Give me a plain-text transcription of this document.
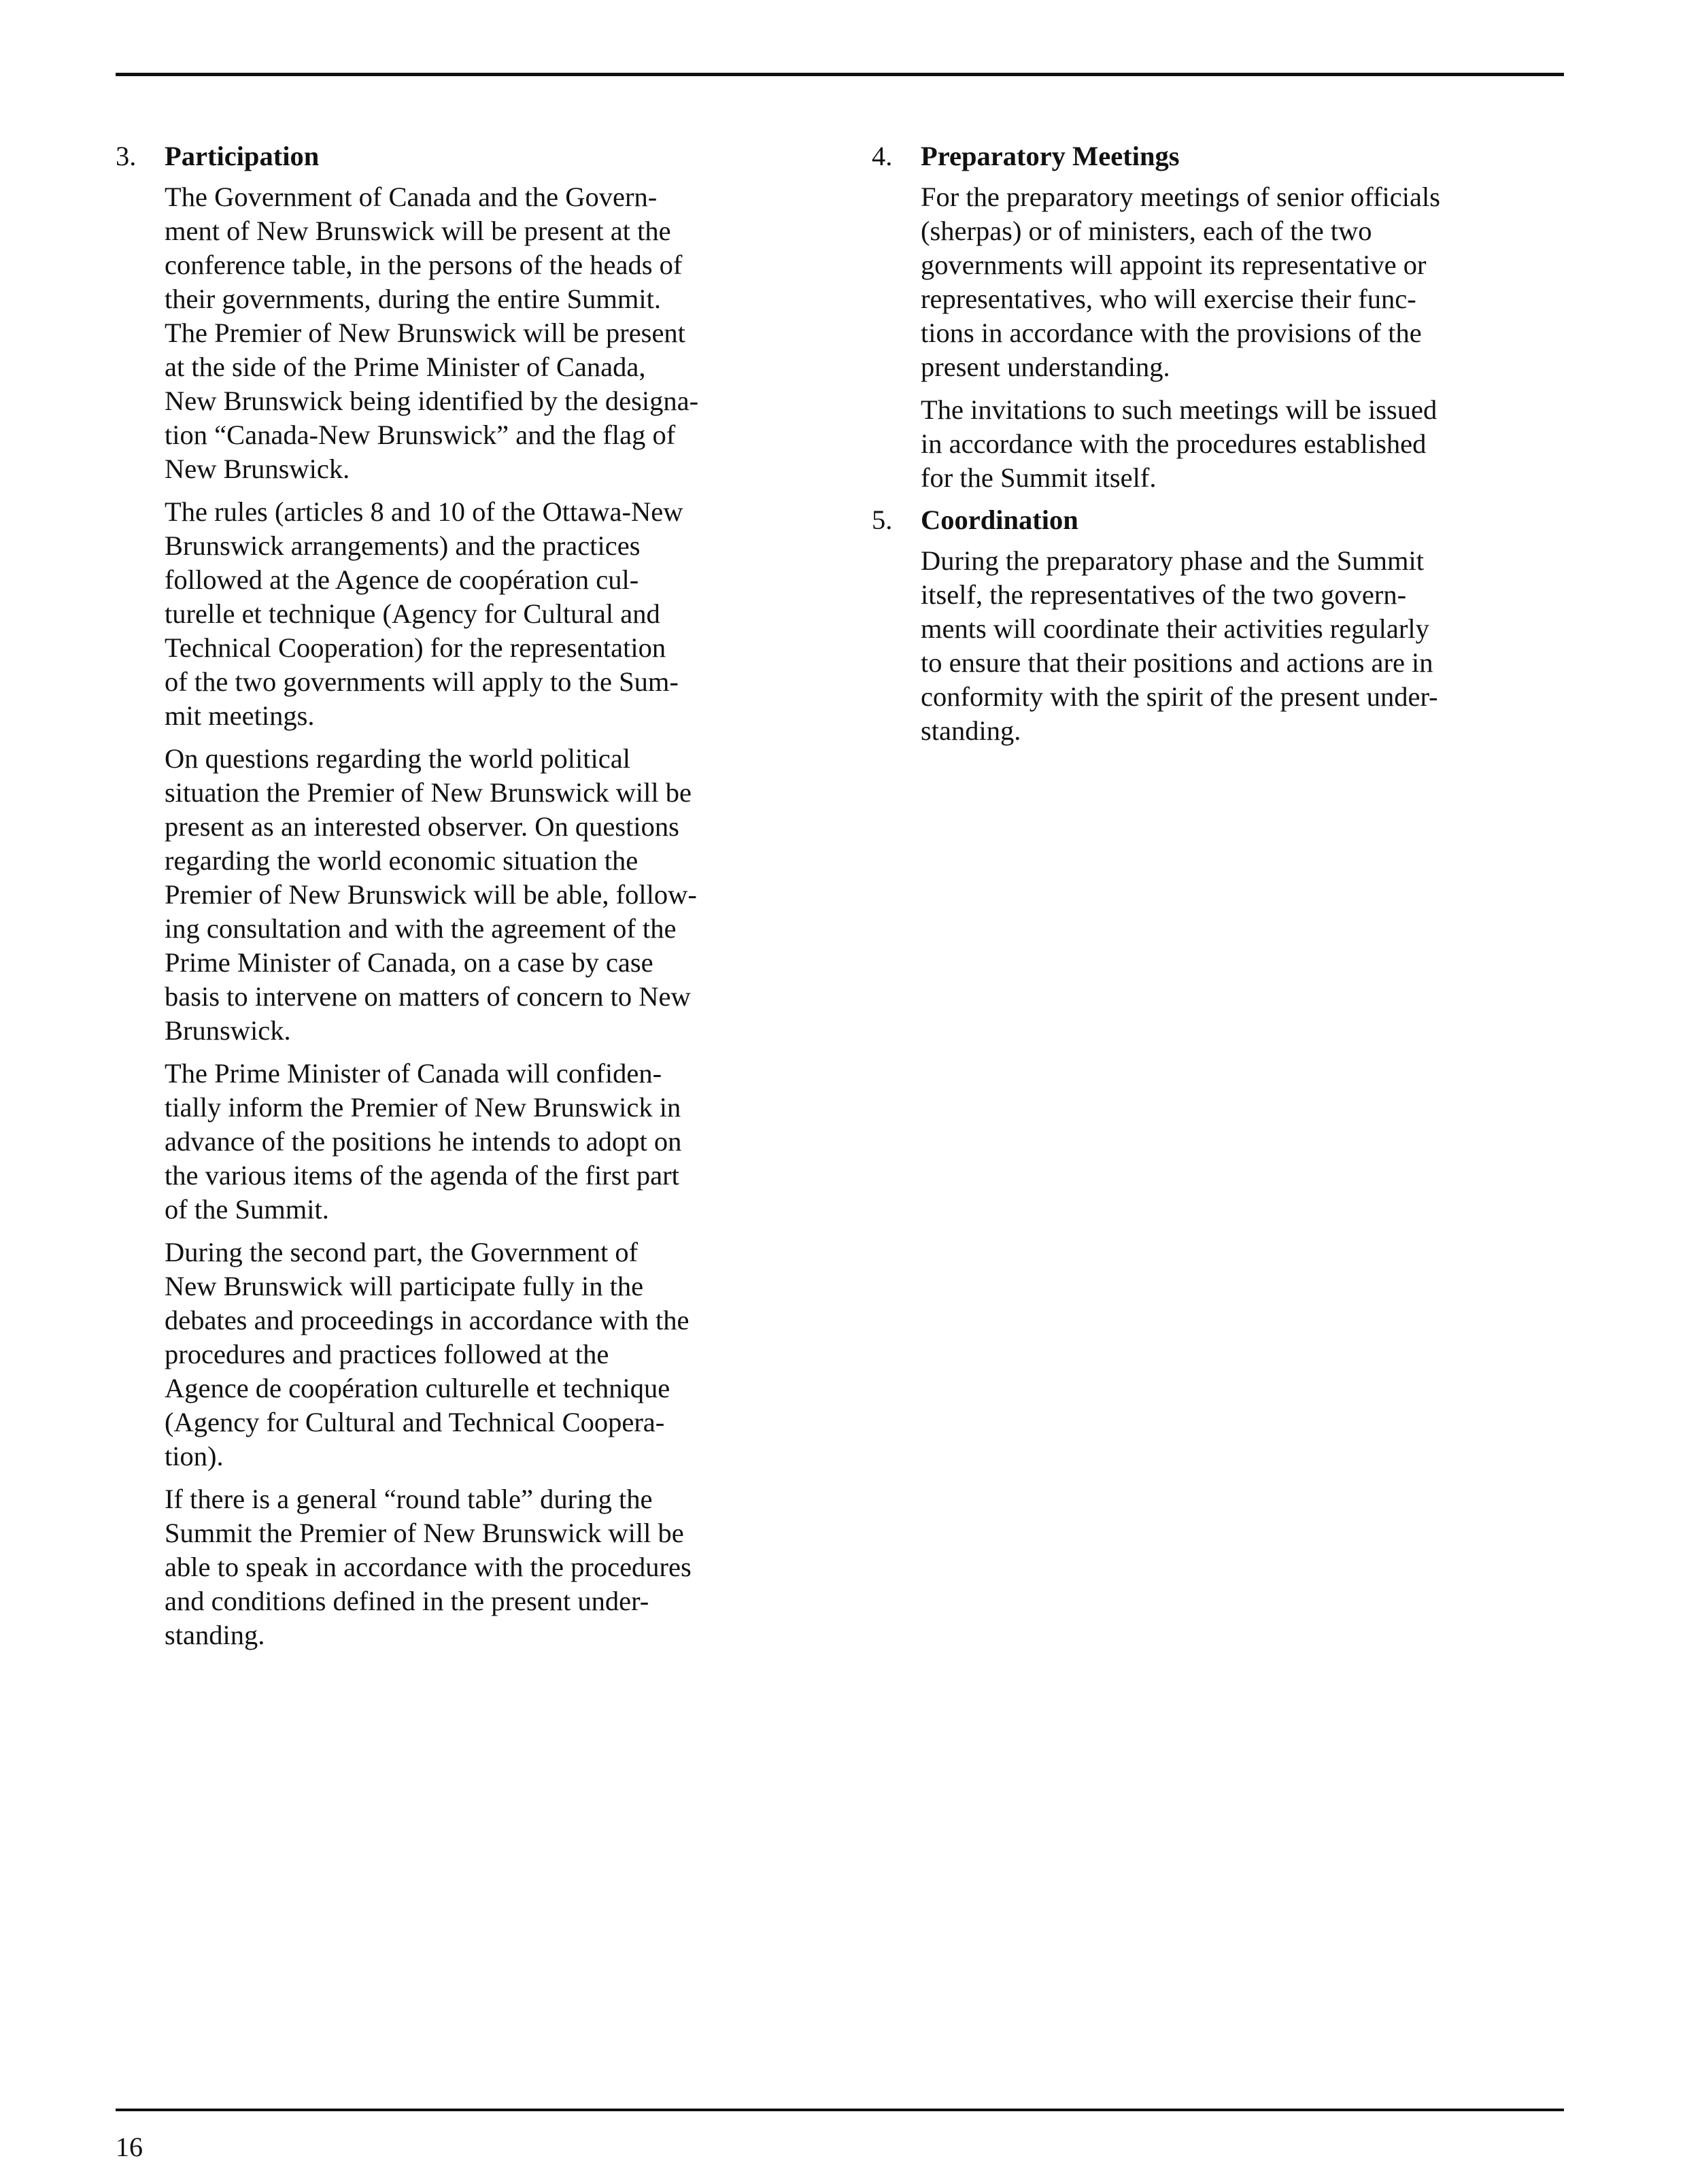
3. Participation

The Government of Canada and the Govern-
ment of New Brunswick will be present at the
conference table, in the persons of the heads of
their governments, during the entire Summit.
The Premier of New Brunswick will be present
at the side of the Prime Minister of Canada,
New Brunswick being identified by the designa-
tion “Canada-New Brunswick” and the flag of
New Brunswick.

The rules (articles 8 and 10 of the Ottawa-New
Brunswick arrangements) and the practices
followed at the Agence de coopération cul-
turelle et technique (Agency for Cultural and
Technical Cooperation) for the representation
of the two governments will apply to the Sum-
mit meetings.

On questions regarding the world political
situation the Premier of New Brunswick will be
present as an interested observer. On questions
regarding the world economic situation the
Premier of New Brunswick will be able, follow-
ing consultation and with the agreement of the
Prime Minister of Canada, on a case by case
basis to intervene on matters of concern to New
Brunswick.

The Prime Minister of Canada will confiden-
tially inform the Premier of New Brunswick in
advance of the positions he intends to adopt on
the various items of the agenda of the first part
of the Summit.

During the second part, the Government of
New Brunswick will participate fully in the
debates and proceedings in accordance with the
procedures and practices followed at the
Agence de coopération culturelle et technique
(Agency for Cultural and Technical Coopera-
tion).

If there is a general “round table” during the
Summit the Premier of New Brunswick will be
able to speak in accordance with the procedures
and conditions defined in the present under-
standing.

4. Preparatory Meetings

For the preparatory meetings of senior officials
(sherpas) or of ministers, each of the two
governments will appoint its representative or
representatives, who will exercise their func-
tions in accordance with the provisions of the
present understanding.

The invitations to such meetings will be issued
in accordance with the procedures established
for the Summit itself.

5. Coordination

During the preparatory phase and the Summit
itself, the representatives of the two govern-
ments will coordinate their activities regularly
to ensure that their positions and actions are in
conformity with the spirit of the present under-
standing.

16
